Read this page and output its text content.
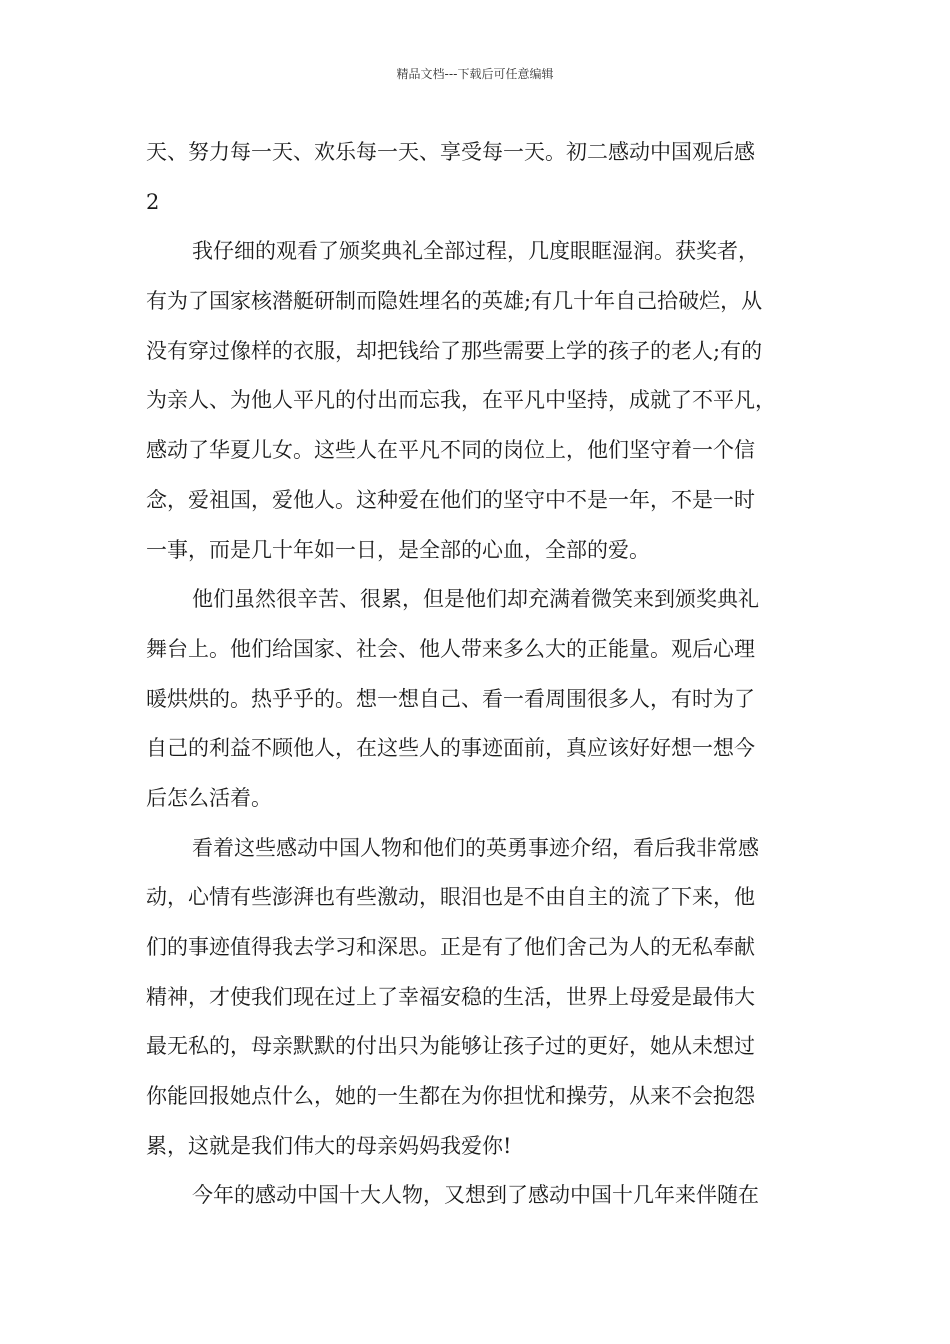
精品文档---下载后可任意编辑
天、努力每一天、欢乐每一天、享受每一天。初二感动中国观后感
2
我仔细的观看了颁奖典礼全部过程，几度眼眶湿润。获奖者，
有为了国家核潜艇研制而隐姓埋名的英雄;有几十年自己拾破烂，从
没有穿过像样的衣服，却把钱给了那些需要上学的孩子的老人;有的
为亲人、为他人平凡的付出而忘我，在平凡中坚持，成就了不平凡，
感动了华夏儿女。这些人在平凡不同的岗位上，他们坚守着一个信
念，爱祖国，爱他人。这种爱在他们的坚守中不是一年，不是一时
一事，而是几十年如一日，是全部的心血，全部的爱。
他们虽然很辛苦、很累，但是他们却充满着微笑来到颁奖典礼
舞台上。他们给国家、社会、他人带来多么大的正能量。观后心理
暖烘烘的。热乎乎的。想一想自己、看一看周围很多人，有时为了
自己的利益不顾他人，在这些人的事迹面前，真应该好好想一想今
后怎么活着。
看着这些感动中国人物和他们的英勇事迹介绍，看后我非常感
动，心情有些澎湃也有些激动，眼泪也是不由自主的流了下来，他
们的事迹值得我去学习和深思。正是有了他们舍己为人的无私奉献
精神，才使我们现在过上了幸福安稳的生活，世界上母爱是最伟大
最无私的，母亲默默的付出只为能够让孩子过的更好，她从未想过
你能回报她点什么，她的一生都在为你担忧和操劳，从来不会抱怨
累，这就是我们伟大的母亲妈妈我爱你!
今年的感动中国十大人物，又想到了感动中国十几年来伴随在
